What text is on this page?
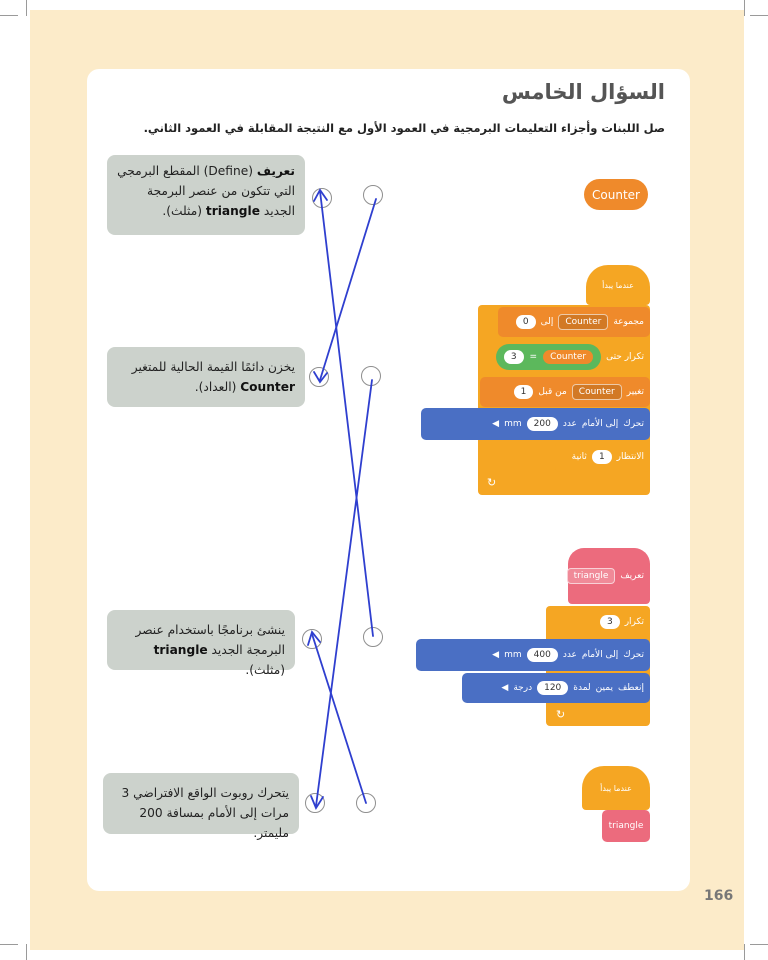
السؤال الخامس
صل اللبنات وأجزاء التعليمات البرمجية في العمود الأول مع النتيجة المقابلة في العمود الثاني.
تعريف (Define) المقطع البرمجي التي تتكون من عنصر البرمجة الجديد triangle (مثلث).
يخزن دائمًا القيمة الحالية للمتغير Counter (العداد).
ينشئ برنامجًا باستخدام عنصر البرمجة الجديد triangle (مثلث).
يتحرك روبوت الواقع الافتراضي 3 مرات إلى الأمام بمسافة 200 مليمتر.
Counter
عندما يبدأ
مجموعة
Counter
إلى
0
تكرار حتى
3	=	Counter
تغيير
Counter
من قبل
1
تحرك
إلى الأمام
عدد
200
mm
◀
الانتظار
1
ثانية
↻
تعريف
triangle
تكرار
3
تحرك
إلى الأمام
عدد
400
mm
◀
إنعطف
يمين
لمدة
120
درجة
◀
↻
عندما يبدأ
triangle
166
